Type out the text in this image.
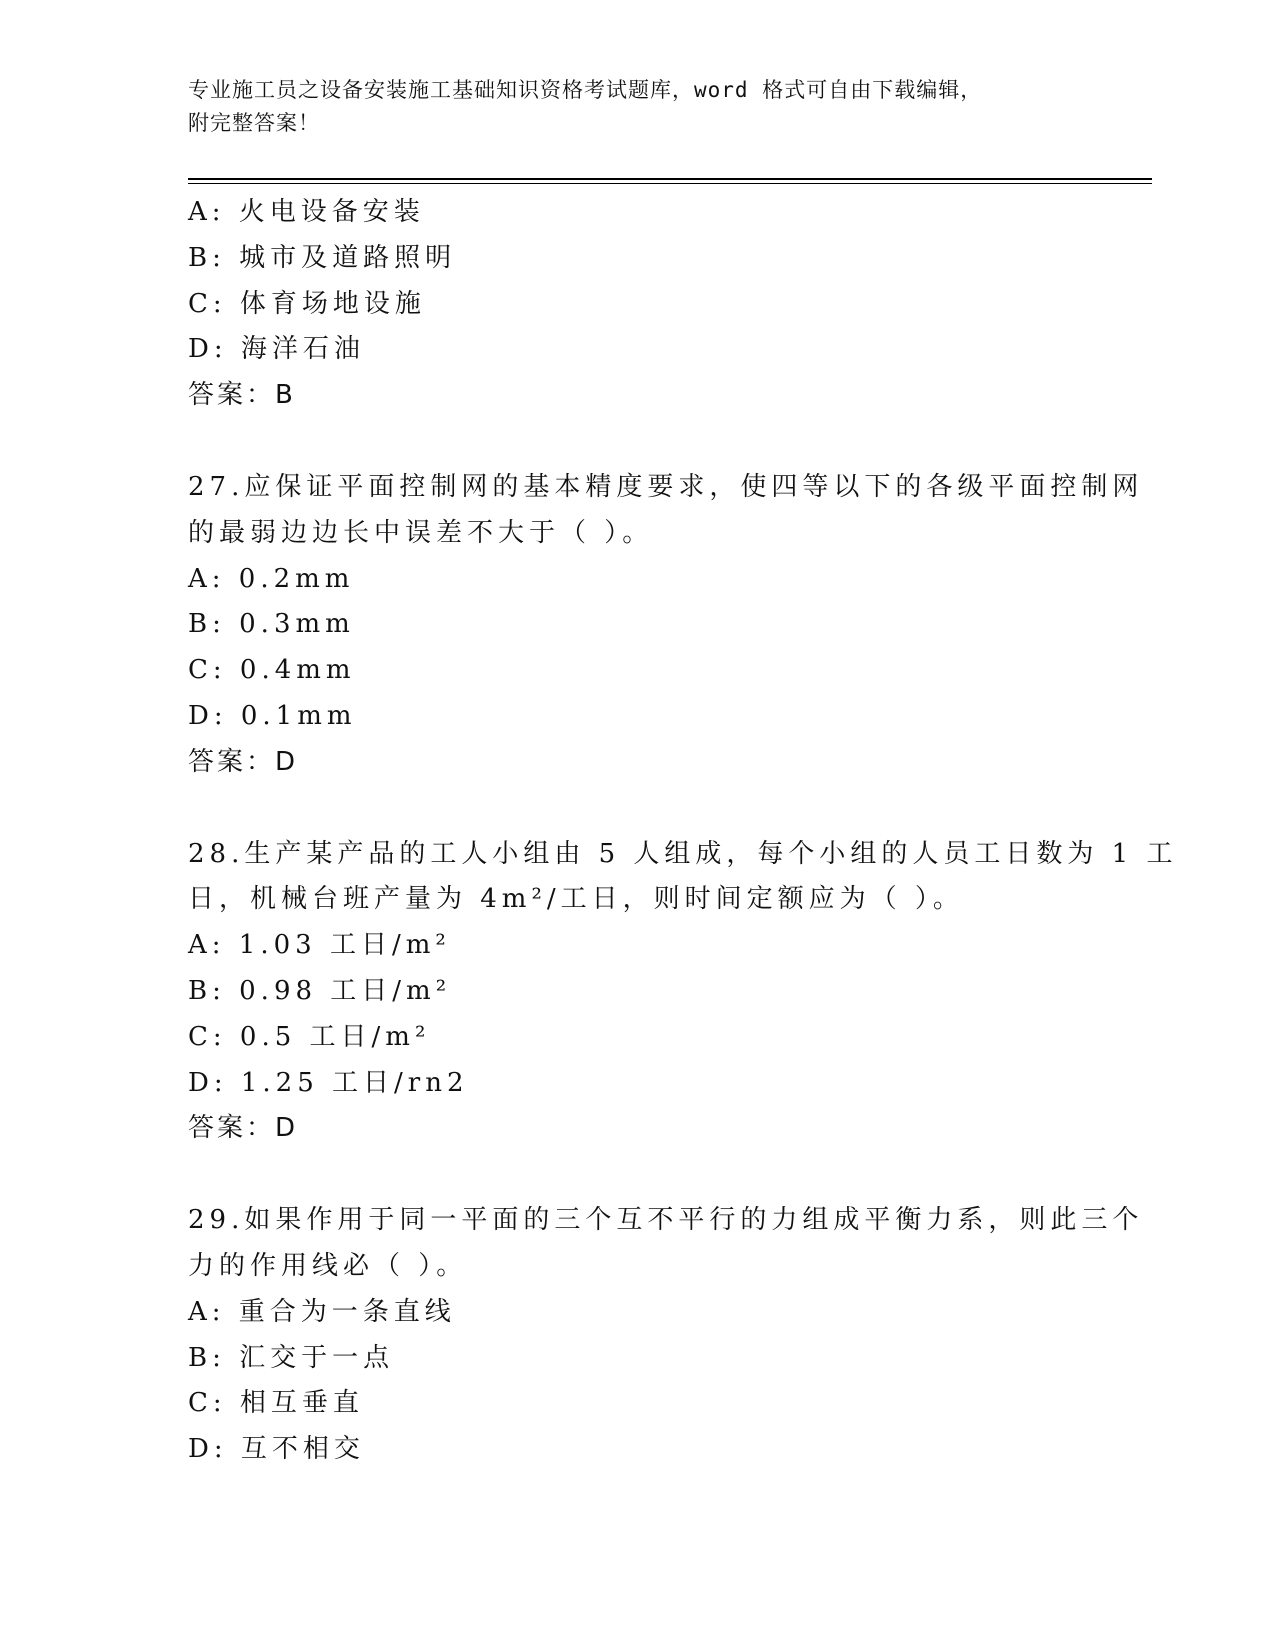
专业施工员之设备安装施工基础知识资格考试题库，word 格式可自由下载编辑，
附完整答案！
A: 火电设备安装
B: 城市及道路照明
C: 体育场地设施
D: 海洋石油
答案：B
27.应保证平面控制网的基本精度要求，使四等以下的各级平面控制网
的最弱边边长中误差不大于（ ）。
A: 0.2mm
B: 0.3mm
C: 0.4mm
D: 0.1mm
答案：D
28.生产某产品的工人小组由 5 人组成，每个小组的人员工日数为 1 工
日，机械台班产量为 4m²/工日，则时间定额应为（ ）。
A: 1.03 工日/m²
B: 0.98 工日/m²
C: 0.5 工日/m²
D: 1.25 工日/rn2
答案：D
29.如果作用于同一平面的三个互不平行的力组成平衡力系，则此三个
力的作用线必（ ）。
A: 重合为一条直线
B: 汇交于一点
C: 相互垂直
D: 互不相交
